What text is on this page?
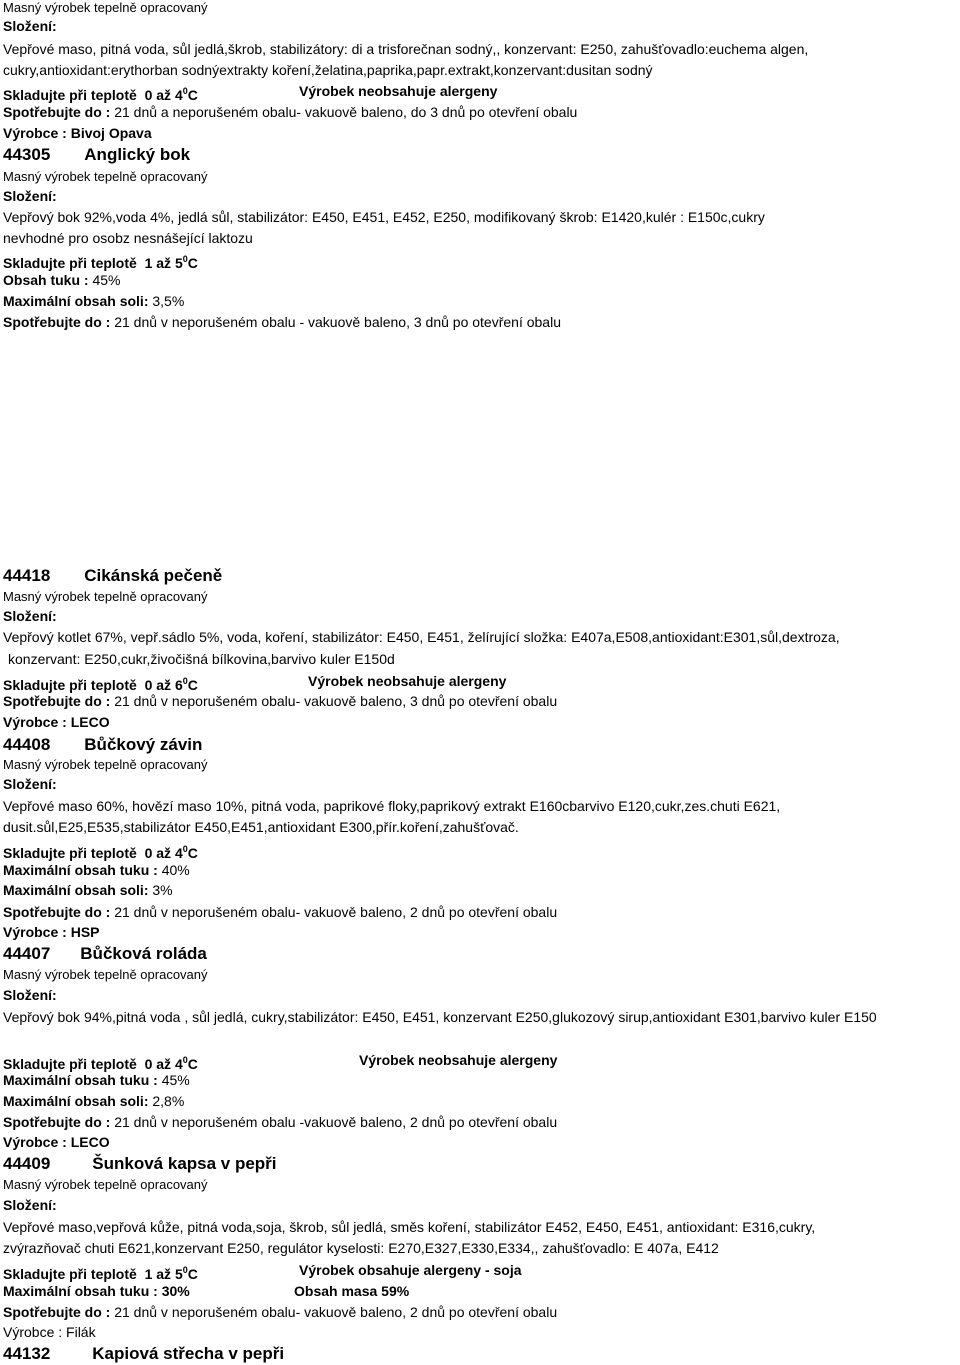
Masný výrobek tepelně opracovaný
Složení:
Vepřové maso, pitná voda, sůl jedlá,škrob, stabilizátory: di a trisforečnan sodný,, konzervant: E250, zahušťovadlo:euchema algen,
cukry,antioxidant:erythorban sodnýextrakty koření,želatina,paprika,papr.extrakt,konzervant:dusitan sodný
Skladujte při teplotě 0 až $4^0C$	Výrobek neobsahuje alergeny
Spotřebujte do : 21 dnů a neporušeném obalu- vakuově baleno, do 3 dnů po otevření obalu
Výrobce : Bivoj Opava
44305 Anglický bok
Masný výrobek tepelně opracovaný
Složení:
Vepřový bok 92%,voda 4%, jedlá sůl, stabilizátor: E450, E451, E452, E250, modifikovaný škrob: E1420,kulér : E150c,cukry
nevhodné pro osobz nesnášející laktozu
Skladujte při teplotě 1 až $5^0C$
Obsah tuku : 45%
Maximální obsah soli: 3,5%
Spotřebujte do : 21 dnů v neporušeném obalu - vakuově baleno, 3 dnů po otevření obalu
44418 Cikánská pečeně
Masný výrobek tepelně opracovaný
Složení:
Vepřový kotlet 67%, vepř.sádlo 5%, voda, koření, stabilizátor: E450, E451, želírující složka: E407a,E508,antioxidant:E301,sůl,dextroza,
konzervant: E250,cukr,živočišná bílkovina,barvivo kuler E150d
Skladujte při teplotě 0 až $6^0C$	Výrobek neobsahuje alergeny
Spotřebujte do : 21 dnů v neporušeném obalu- vakuově baleno, 3 dnů po otevření obalu
Výrobce : LECO
44408 Bůčkový závin
Masný výrobek tepelně opracovaný
Složení:
Vepřové maso 60%, hovězí maso 10%, pitná voda, paprikové floky,paprikový extrakt E160cbarvivo E120,cukr,zes.chuti E621,
dusit.sůl,E25,E535,stabilizátor E450,E451,antioxidant E300,přír.koření,zahušťovač.
Skladujte při teplotě 0 až $4^0C$
Maximální obsah tuku : 40%
Maximální obsah soli: 3%
Spotřebujte do : 21 dnů v neporušeném obalu- vakuově baleno, 2 dnů po otevření obalu
Výrobce : HSP
44407 Bůčková roláda
Masný výrobek tepelně opracovaný
Složení:
Vepřový bok 94%,pitná voda , sůl jedlá, cukry,stabilizátor: E450, E451, konzervant E250,glukozový sirup,antioxidant E301,barvivo kuler E150
Skladujte při teplotě 0 až $4^0C$	Výrobek neobsahuje alergeny
Maximální obsah tuku : 45%
Maximální obsah soli: 2,8%
Spotřebujte do : 21 dnů v neporušeném obalu -vakuově baleno, 2 dnů po otevření obalu
Výrobce : LECO
44409 Šunková kapsa v pepři
Masný výrobek tepelně opracovaný
Složení:
Vepřové maso,vepřová kůže, pitná voda,soja, škrob, sůl jedlá, směs koření, stabilizátor E452, E450, E451, antioxidant: E316,cukry,
zvýrazňovač chuti E621,konzervant E250, regulátor kyselosti: E270,E327,E330,E334,, zahušťovadlo: E 407a, E412
Skladujte při teplotě 1 až $5^0C$	Výrobek obsahuje alergeny - soja
Maximální obsah tuku : 30%	Obsah masa 59%
Spotřebujte do : 21 dnů v neporušeném obalu- vakuově baleno, 2 dnů po otevření obalu
Výrobce : Filák
44132 Kapiová střecha v pepři
